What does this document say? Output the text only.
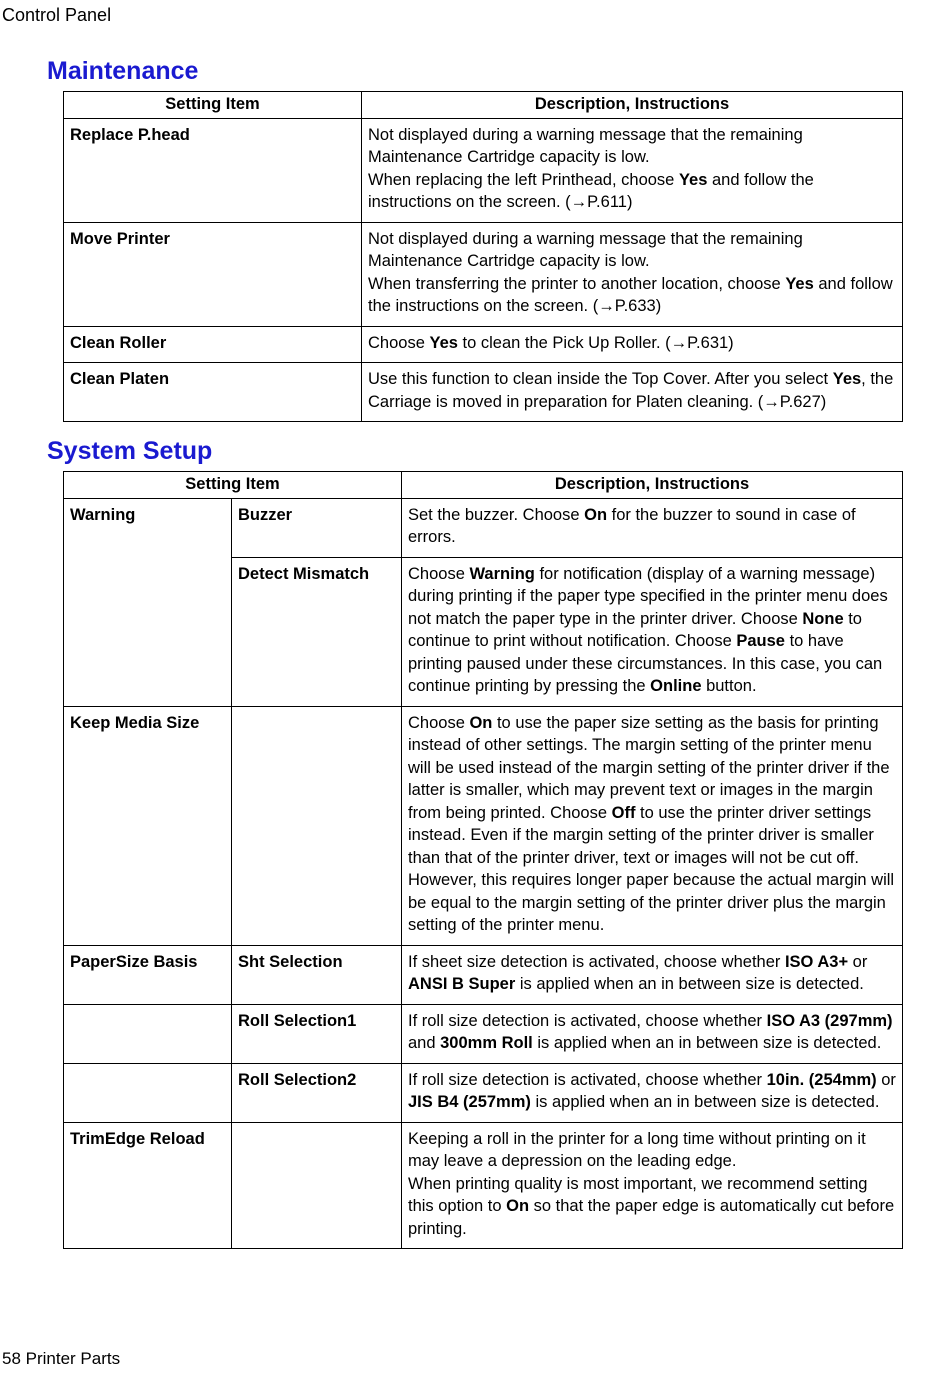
Control Panel
Maintenance
Setting Item	Description, Instructions
Replace P.head	Not displayed during a warning message that the remaining Maintenance Cartridge capacity is low.
When replacing the left Printhead, choose Yes and follow the instructions on the screen. (→P.611)
Move Printer	Not displayed during a warning message that the remaining Maintenance Cartridge capacity is low.
When transferring the printer to another location, choose Yes and follow the instructions on the screen. (→P.633)
Clean Roller	Choose Yes to clean the Pick Up Roller. (→P.631)
Clean Platen	Use this function to clean inside the Top Cover. After you select Yes, the Carriage is moved in preparation for Platen cleaning. (→P.627)
System Setup
Setting Item		Description, Instructions
Warning	Buzzer	Set the buzzer. Choose On for the buzzer to sound in case of errors.
	Detect Mismatch	Choose Warning for notification (display of a warning message) during printing if the paper type specified in the printer menu does not match the paper type in the printer driver. Choose None to continue to print without notification. Choose Pause to have printing paused under these circumstances. In this case, you can continue printing by pressing the Online button.
Keep Media Size		Choose On to use the paper size setting as the basis for printing instead of other settings. The margin setting of the printer menu will be used instead of the margin setting of the printer driver if the latter is smaller, which may prevent text or images in the margin from being printed. Choose Off to use the printer driver settings instead. Even if the margin setting of the printer driver is smaller than that of the printer driver, text or images will not be cut off. However, this requires longer paper because the actual margin will be equal to the margin setting of the printer driver plus the margin setting of the printer menu.
PaperSize Basis	Sht Selection	If sheet size detection is activated, choose whether ISO A3+ or ANSI B Super is applied when an in between size is detected.
	Roll Selection1	If roll size detection is activated, choose whether ISO A3 (297mm) and 300mm Roll is applied when an in between size is detected.
	Roll Selection2	If roll size detection is activated, choose whether 10in. (254mm) or JIS B4 (257mm) is applied when an in between size is detected.
TrimEdge Reload		Keeping a roll in the printer for a long time without printing on it may leave a depression on the leading edge.
When printing quality is most important, we recommend setting this option to On so that the paper edge is automatically cut before printing.
58 Printer Parts
